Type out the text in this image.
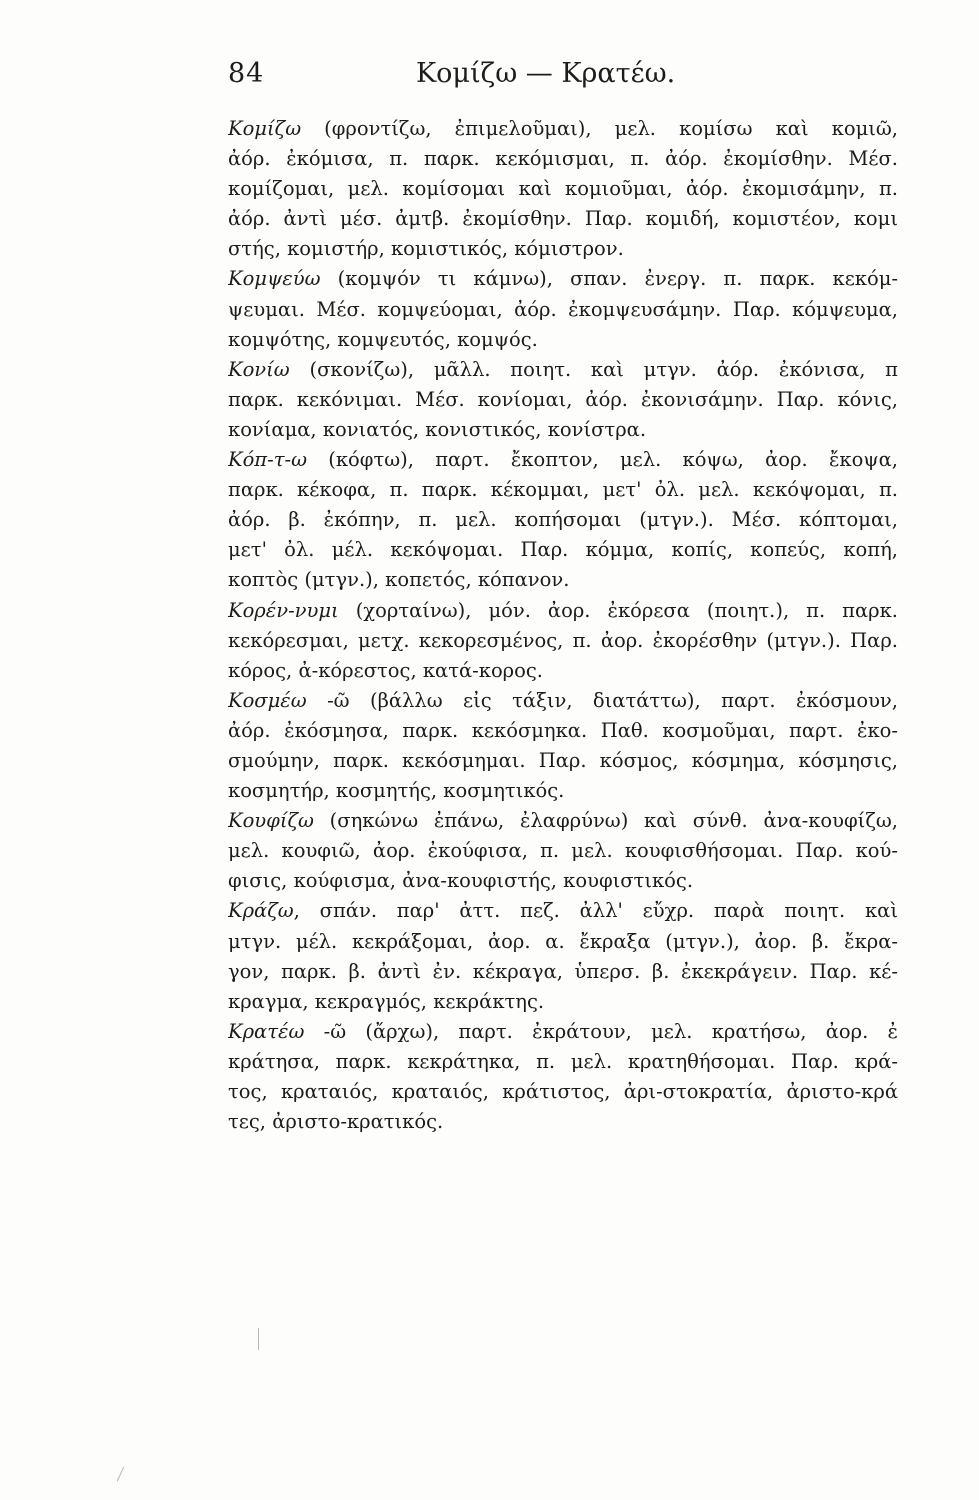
84	Κομίζω — Κρατέω.
Κομίζω (φροντίζω, ἐπιμελοῦμαι), μελ. κομίσω καὶ κομιῶ,
ἀόρ. ἐκόμισα, π. παρκ. κεκόμισμαι, π. ἀόρ. ἐκομίσθην. Μέσ.
κομίζομαι, μελ. κομίσομαι καὶ κομιοῦμαι, ἀόρ. ἐκομισάμην, π.
ἀόρ. ἀντὶ μέσ. ἀμτβ. ἐκομίσθην. Παρ. κομιδή, κομιστέον, κομι
στής, κομιστήρ, κομιστικός, κόμιστρον.
Κομψεύω (κομψόν τι κάμνω), σπαν. ἐνεργ. π. παρκ. κεκόμ-
ψευμαι. Μέσ. κομψεύομαι, ἀόρ. ἐκομψευσάμην. Παρ. κόμψευμα,
κομψότης, κομψευτός, κομψός.
Κονίω (σκονίζω), μᾶλλ. ποιητ. καὶ μτγν. ἀόρ. ἐκόνισα, π
παρκ. κεκόνιμαι. Μέσ. κονίομαι, ἀόρ. ἐκονισάμην. Παρ. κόνις,
κονίαμα, κονιατός, κονιστικός, κονίστρα.
Κόπ-τ-ω (κόφτω), παρτ. ἔκοπτον, μελ. κόψω, ἀορ. ἔκοψα,
παρκ. κέκοφα, π. παρκ. κέκομμαι, μετ' ὀλ. μελ. κεκόψομαι, π.
ἀόρ. β. ἐκόπην, π. μελ. κοπήσομαι (μτγν.). Μέσ. κόπτομαι,
μετ' ὀλ. μέλ. κεκόψομαι. Παρ. κόμμα, κοπίς, κοπεύς, κοπή,
κοπτὸς (μτγν.), κοπετός, κόπανον.
Κορέν-νυμι (χορταίνω), μόν. ἀορ. ἐκόρεσα (ποιητ.), π. παρκ.
κεκόρεσμαι, μετχ. κεκορεσμένος, π. ἀορ. ἐκορέσθην (μτγν.). Παρ.
κόρος, ἀ-κόρεστος, κατά-κορος.
Κοσμέω -ῶ (βάλλω εἰς τάξιν, διατάττω), παρτ. ἐκόσμουν,
ἀόρ. ἐκόσμησα, παρκ. κεκόσμηκα. Παθ. κοσμοῦμαι, παρτ. ἐκο-
σμούμην, παρκ. κεκόσμημαι. Παρ. κόσμος, κόσμημα, κόσμησις,
κοσμητήρ, κοσμητής, κοσμητικός.
Κουφίζω (σηκώνω ἐπάνω, ἐλαφρύνω) καὶ σύνθ. ἀνα-κουφίζω,
μελ. κουφιῶ, ἀορ. ἐκούφισα, π. μελ. κουφισθήσομαι. Παρ. κού-
φισις, κούφισμα, ἀνα-κουφιστής, κουφιστικός.
Κράζω, σπάν. παρ' ἀττ. πεζ. ἀλλ' εὔχρ. παρὰ ποιητ. καὶ
μτγν. μέλ. κεκράξομαι, ἀορ. α. ἔκραξα (μτγν.), ἀορ. β. ἔκρα-
γον, παρκ. β. ἀντὶ ἐν. κέκραγα, ὑπερσ. β. ἐκεκράγειν. Παρ. κέ-
κραγμα, κεκραγμός, κεκράκτης.
Κρατέω -ῶ (ἄρχω), παρτ. ἐκράτουν, μελ. κρατήσω, ἀορ. ἐ
κράτησα, παρκ. κεκράτηκα, π. μελ. κρατηθήσομαι. Παρ. κρά-
τος, κραταιός, κραταιός, κράτιστος, ἀρι-στοκρατία, ἀριστο-κρά
τες, ἀριστο-κρατικός.
